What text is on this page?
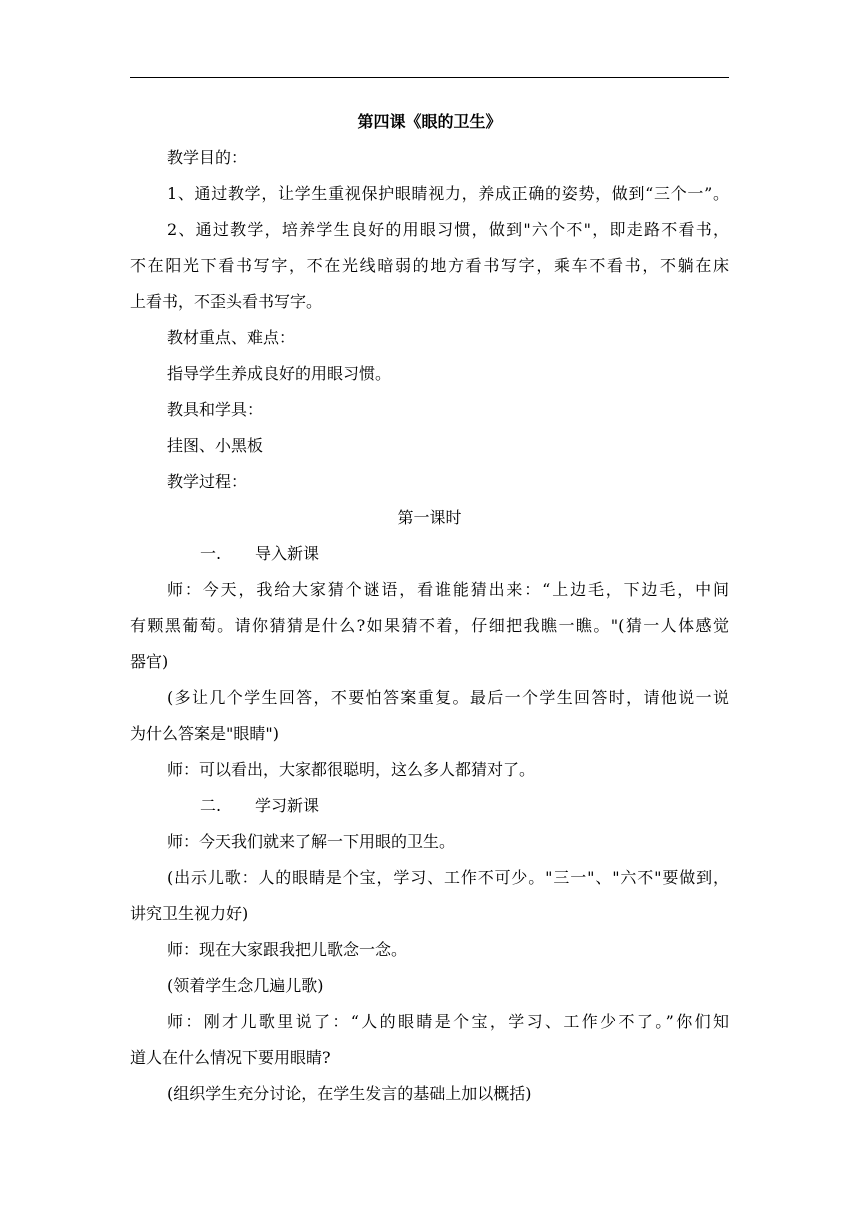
第四课《眼的卫生》

教学目的：

1、通过教学，让学生重视保护眼睛视力，养成正确的姿势，做到“三个一”。

2、通过教学，培养学生良好的用眼习惯，做到"六个不"，即走路不看书，

不在阳光下看书写字，不在光线暗弱的地方看书写字，乘车不看书，不躺在床

上看书，不歪头看书写字。

教材重点、难点：

指导学生养成良好的用眼习惯。

教具和学具：

挂图、小黑板

教学过程：

第一课时

一. 导入新课

师：今天，我给大家猜个谜语，看谁能猜出来：“上边毛，下边毛，中间

有颗黑葡萄。请你猜猜是什么?如果猜不着，仔细把我瞧一瞧。"(猜一人体感觉

器官)

(多让几个学生回答，不要怕答案重复。最后一个学生回答时，请他说一说

为什么答案是"眼睛")

师：可以看出，大家都很聪明，这么多人都猜对了。

二. 学习新课

师：今天我们就来了解一下用眼的卫生。

(出示儿歌：人的眼睛是个宝，学习、工作不可少。"三一"、"六不"要做到，

讲究卫生视力好)

师：现在大家跟我把儿歌念一念。

(领着学生念几遍儿歌)

师：刚才儿歌里说了：“人的眼睛是个宝，学习、工作少不了。”你们知

道人在什么情况下要用眼睛?

(组织学生充分讨论，在学生发言的基础上加以概括)
